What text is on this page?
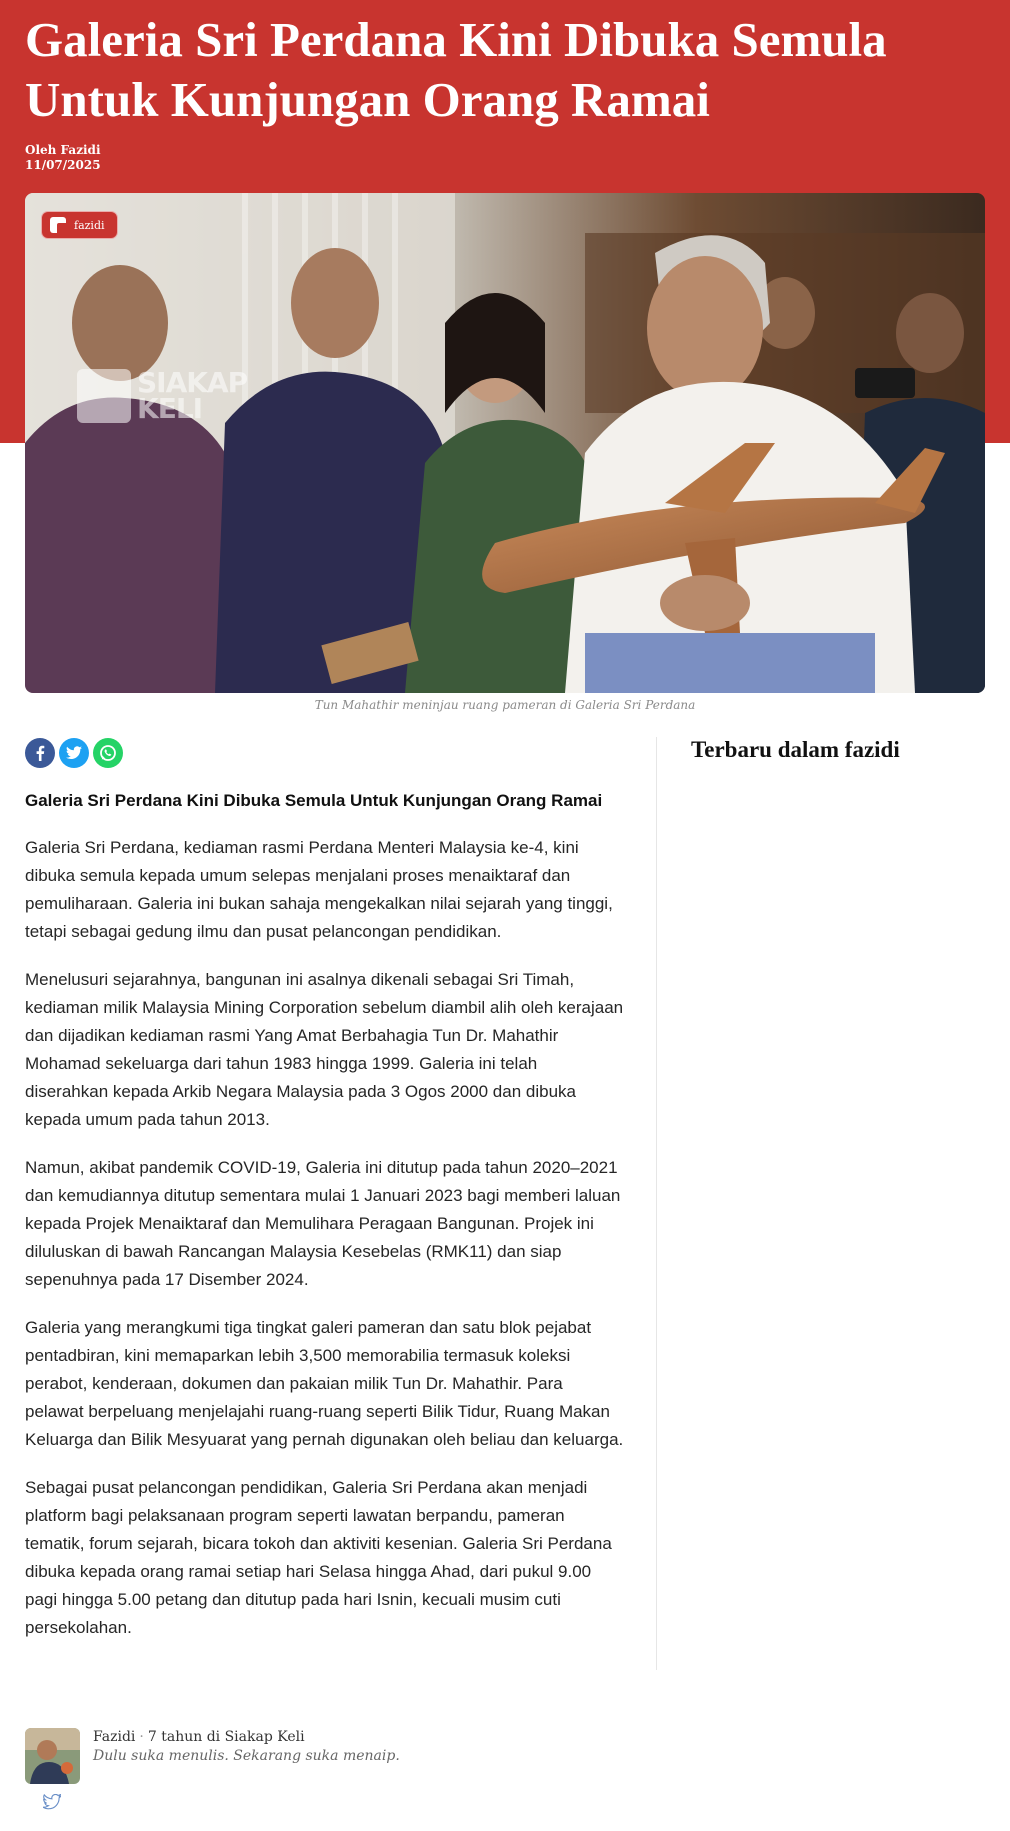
Galeria Sri Perdana Kini Dibuka Semula Untuk Kunjungan Orang Ramai
Oleh Fazidi
11/07/2025
fazidi
SIAKAP KELI
Tun Mahathir meninjau ruang pameran di Galeria Sri Perdana

Galeria Sri Perdana Kini Dibuka Semula Untuk Kunjungan Orang Ramai

Galeria Sri Perdana, kediaman rasmi Perdana Menteri Malaysia ke-4, kini dibuka semula kepada umum selepas menjalani proses menaiktaraf dan pemuliharaan. Galeria ini bukan sahaja mengekalkan nilai sejarah yang tinggi, tetapi sebagai gedung ilmu dan pusat pelancongan pendidikan.

Menelusuri sejarahnya, bangunan ini asalnya dikenali sebagai Sri Timah, kediaman milik Malaysia Mining Corporation sebelum diambil alih oleh kerajaan dan dijadikan kediaman rasmi Yang Amat Berbahagia Tun Dr. Mahathir Mohamad sekeluarga dari tahun 1983 hingga 1999. Galeria ini telah diserahkan kepada Arkib Negara Malaysia pada 3 Ogos 2000 dan dibuka kepada umum pada tahun 2013.

Namun, akibat pandemik COVID-19, Galeria ini ditutup pada tahun 2020–2021 dan kemudiannya ditutup sementara mulai 1 Januari 2023 bagi memberi laluan kepada Projek Menaiktaraf dan Memulihara Peragaan Bangunan. Projek ini diluluskan di bawah Rancangan Malaysia Kesebelas (RMK11) dan siap sepenuhnya pada 17 Disember 2024.

Galeria yang merangkumi tiga tingkat galeri pameran dan satu blok pejabat pentadbiran, kini memaparkan lebih 3,500 memorabilia termasuk koleksi perabot, kenderaan, dokumen dan pakaian milik Tun Dr. Mahathir. Para pelawat berpeluang menjelajahi ruang-ruang seperti Bilik Tidur, Ruang Makan Keluarga dan Bilik Mesyuarat yang pernah digunakan oleh beliau dan keluarga.

Sebagai pusat pelancongan pendidikan, Galeria Sri Perdana akan menjadi platform bagi pelaksanaan program seperti lawatan berpandu, pameran tematik, forum sejarah, bicara tokoh dan aktiviti kesenian. Galeria Sri Perdana dibuka kepada orang ramai setiap hari Selasa hingga Ahad, dari pukul 9.00 pagi hingga 5.00 petang dan ditutup pada hari Isnin, kecuali musim cuti persekolahan.

Terbaru dalam fazidi
Fazidi · 7 tahun di Siakap Keli
Dulu suka menulis. Sekarang suka menaip.
